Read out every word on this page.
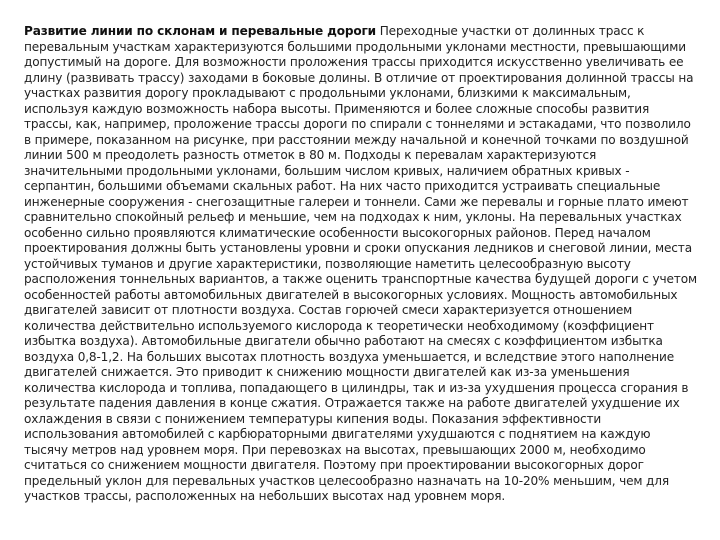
Развитие линии по склонам и перевальные дороги Переходные участки от долинных трасс к перевальным участкам характеризуются большими продольными уклонами местности, превышающими допустимый на дороге. Для возможности проложения трассы приходится искусственно увеличивать ее длину (развивать трассу) заходами в боковые долины. В отличие от проектирования долинной трассы на участках развития дорогу прокладывают с продольными уклонами, близкими к максимальным, используя каждую возможность набора высоты. Применяются и более сложные способы развития трассы, как, например, проложение трассы дороги по спирали с тоннелями и эстакадами, что позволило в примере, показанном на рисунке, при расстоянии между начальной и конечной точками по воздушной линии 500 м преодолеть разность отметок в 80 м. Подходы к перевалам характеризуются значительными продольными уклонами, большим числом кривых, наличием обратных кривых - серпантин, большими объемами скальных работ. На них часто приходится устраивать специальные инженерные сооружения - снегозащитные галереи и тоннели. Сами же перевалы и горные плато имеют сравнительно спокойный рельеф и меньшие, чем на подходах к ним, уклоны. На перевальных участках особенно сильно проявляются климатические особенности высокогорных районов. Перед началом проектирования должны быть установлены уровни и сроки опускания ледников и снеговой линии, места устойчивых туманов и другие характеристики, позволяющие наметить целесообразную высоту расположения тоннельных вариантов, а также оценить транспортные качества будущей дороги с учетом особенностей работы автомобильных двигателей в высокогорных условиях. Мощность автомобильных двигателей зависит от плотности воздуха. Состав горючей смеси характеризуется отношением количества действительно используемого кислорода к теоретически необходимому (коэффициент избытка воздуха). Автомобильные двигатели обычно работают на смесях с коэффициентом избытка воздуха 0,8-1,2. На больших высотах плотность воздуха уменьшается, и вследствие этого наполнение двигателей снижается. Это приводит к снижению мощности двигателей как из-за уменьшения количества кислорода и топлива, попадающего в цилиндры, так и из-за ухудшения процесса сгорания в результате падения давления в конце сжатия. Отражается также на работе двигателей ухудшение их охлаждения в связи с понижением температуры кипения воды. Показания эффективности использования автомобилей с карбюраторными двигателями ухудшаются с поднятием на каждую тысячу метров над уровнем моря. При перевозках на высотах, превышающих 2000 м, необходимо считаться со снижением мощности двигателя. Поэтому при проектировании высокогорных дорог предельный уклон для перевальных участков целесообразно назначать на 10-20% меньшим, чем для участков трассы, расположенных на небольших высотах над уровнем моря.
